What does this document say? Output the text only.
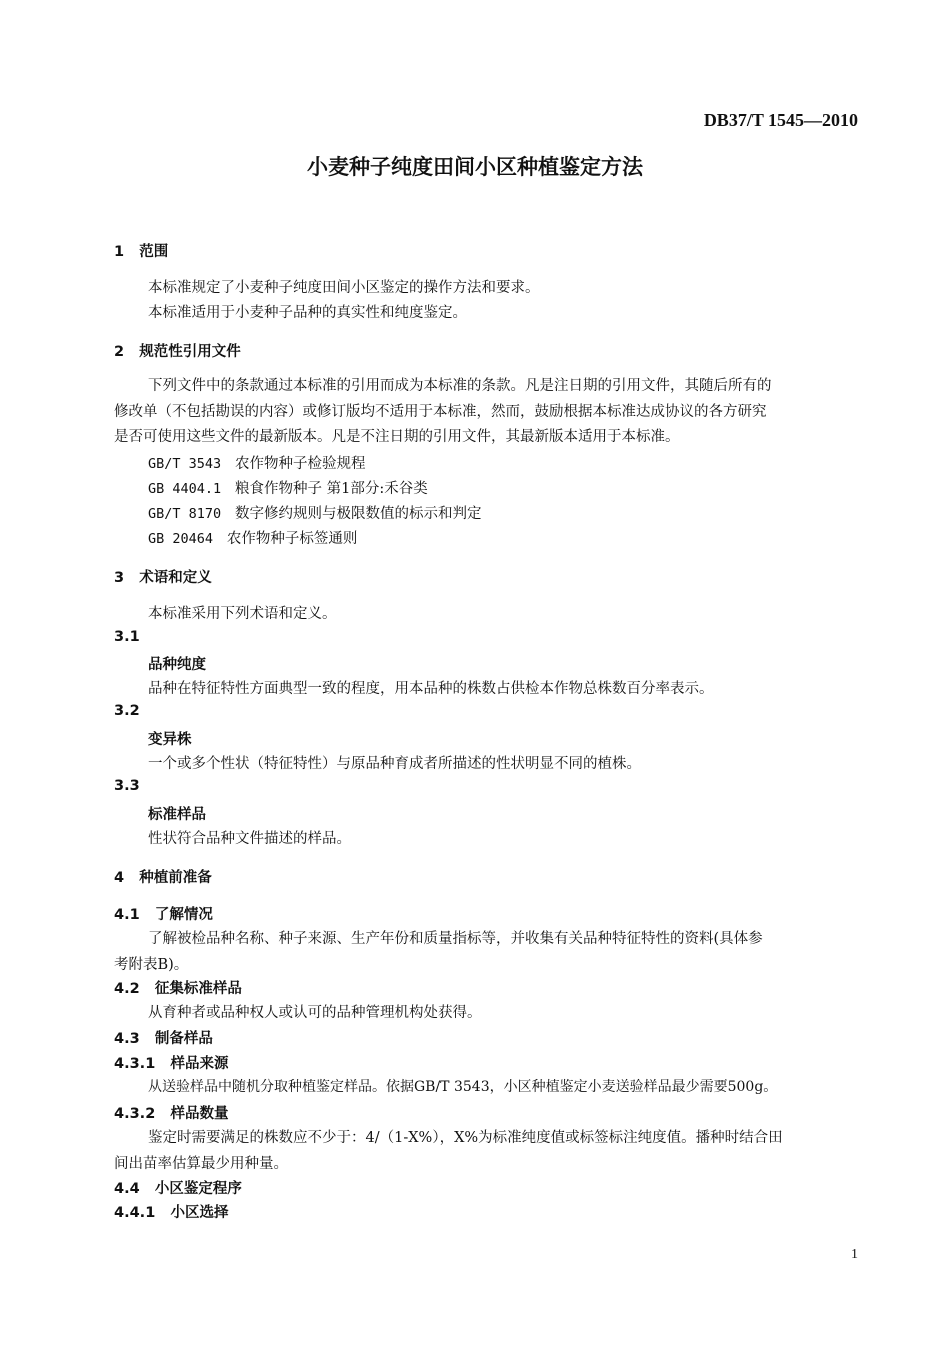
DB37/T 1545—2010
小麦种子纯度田间小区种植鉴定方法
1 范围
本标准规定了小麦种子纯度田间小区鉴定的操作方法和要求。
本标准适用于小麦种子品种的真实性和纯度鉴定。
2 规范性引用文件
下列文件中的条款通过本标准的引用而成为本标准的条款。凡是注日期的引用文件，其随后所有的
修改单（不包括勘误的内容）或修订版均不适用于本标准，然而，鼓励根据本标准达成协议的各方研究
是否可使用这些文件的最新版本。凡是不注日期的引用文件，其最新版本适用于本标准。
GB/T 3543 农作物种子检验规程
GB 4404.1 粮食作物种子 第1部分:禾谷类
GB/T 8170 数字修约规则与极限数值的标示和判定
GB 20464 农作物种子标签通则
3 术语和定义
本标准采用下列术语和定义。
3.1
品种纯度
品种在特征特性方面典型一致的程度，用本品种的株数占供检本作物总株数百分率表示。
3.2
变异株
一个或多个性状（特征特性）与原品种育成者所描述的性状明显不同的植株。
3.3
标准样品
性状符合品种文件描述的样品。
4 种植前准备
4.1 了解情况
了解被检品种名称、种子来源、生产年份和质量指标等，并收集有关品种特征特性的资料(具体参
考附表B)。
4.2 征集标准样品
从育种者或品种权人或认可的品种管理机构处获得。
4.3 制备样品
4.3.1 样品来源
从送验样品中随机分取种植鉴定样品。依据GB/T 3543，小区种植鉴定小麦送验样品最少需要500g。
4.3.2 样品数量
鉴定时需要满足的株数应不少于：4/（1-X%），X%为标准纯度值或标签标注纯度值。播种时结合田
间出苗率估算最少用种量。
4.4 小区鉴定程序
4.4.1 小区选择
1
